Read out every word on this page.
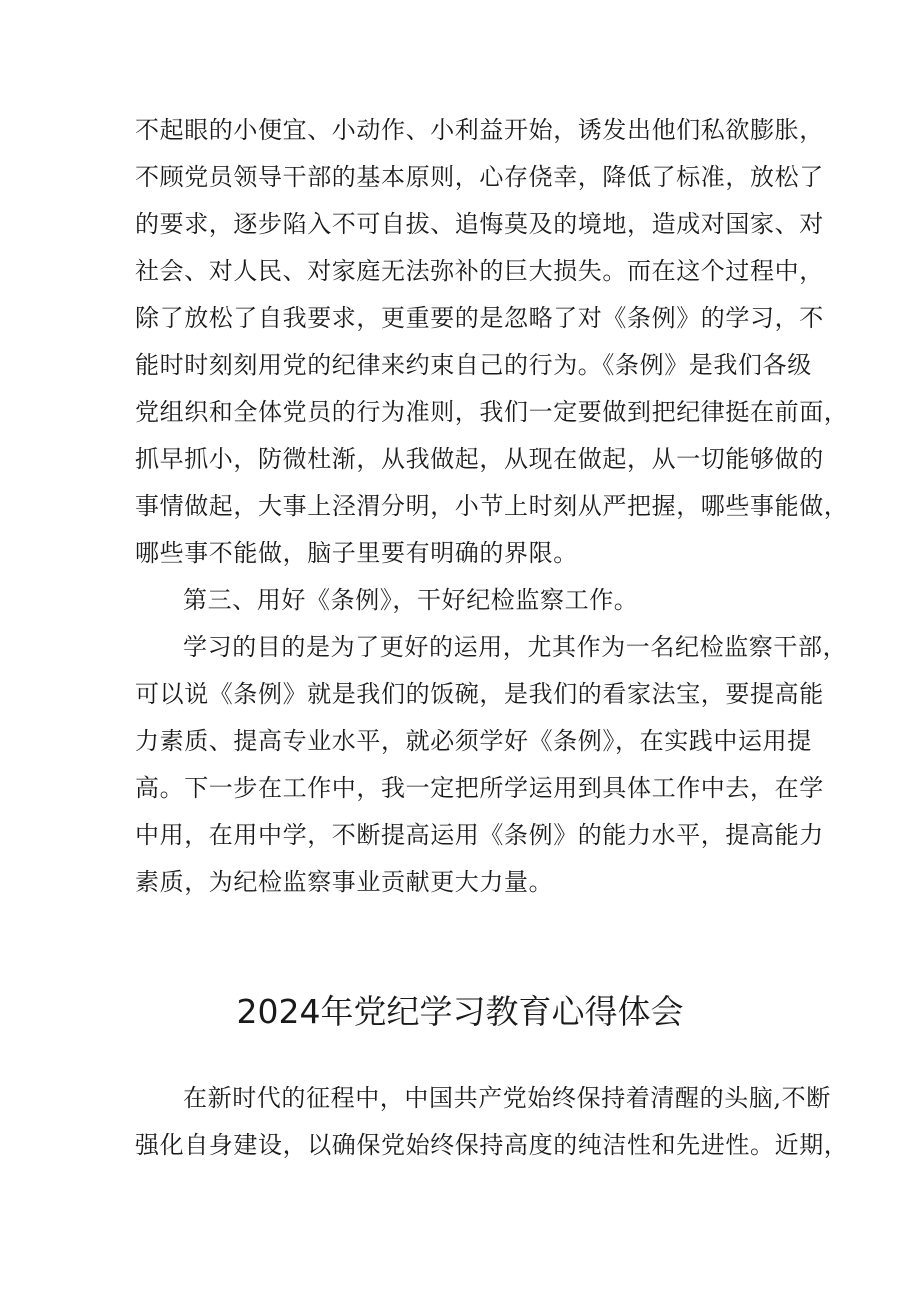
不起眼的小便宜、小动作、小利益开始，诱发出他们私欲膨胀，
不顾党员领导干部的基本原则，心存侥幸，降低了标准，放松了
的要求，逐步陷入不可自拔、追悔莫及的境地，造成对国家、对
社会、对人民、对家庭无法弥补的巨大损失。而在这个过程中，
除了放松了自我要求，更重要的是忽略了对《条例》的学习，不
能时时刻刻用党的纪律来约束自己的行为。《条例》是我们各级
党组织和全体党员的行为准则，我们一定要做到把纪律挺在前面，
抓早抓小，防微杜渐，从我做起，从现在做起，从一切能够做的
事情做起，大事上泾渭分明，小节上时刻从严把握，哪些事能做，
哪些事不能做，脑子里要有明确的界限。
第三、用好《条例》，干好纪检监察工作。
学习的目的是为了更好的运用，尤其作为一名纪检监察干部，
可以说《条例》就是我们的饭碗，是我们的看家法宝，要提高能
力素质、提高专业水平，就必须学好《条例》，在实践中运用提
高。下一步在工作中，我一定把所学运用到具体工作中去，在学
中用，在用中学，不断提高运用《条例》的能力水平，提高能力
素质，为纪检监察事业贡献更大力量。
2024年党纪学习教育心得体会
在新时代的征程中，中国共产党始终保持着清醒的头脑,不断
强化自身建设，以确保党始终保持高度的纯洁性和先进性。近期，
